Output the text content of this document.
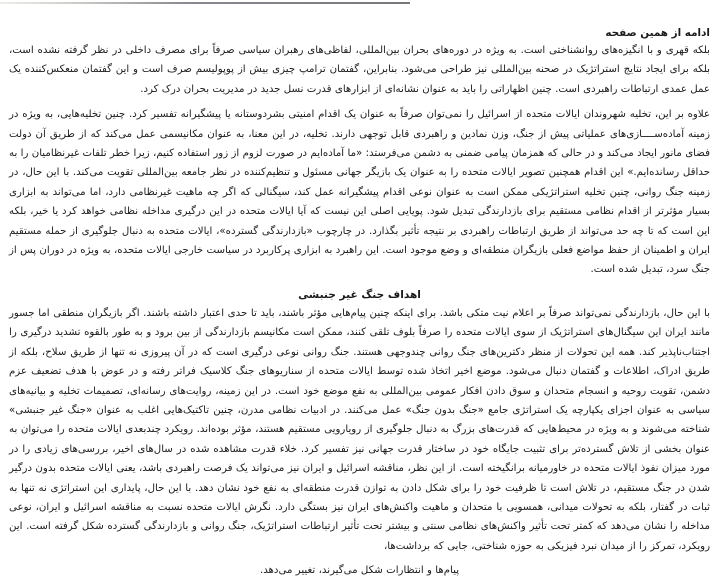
ادامه از همین صفحه

بلکه قهری و با انگیزه‌های روانشناختی است. به ویژه در دوره‌های بحران بین‌المللی، لفاظی‌های رهبران سیاسی صرفاً برای مصرف داخلی در نظر گرفته نشده است، بلکه برای ایجاد نتایج استراتژیک در صحنه بین‌المللی نیز طراحی می‌شود. بنابراین، گفتمان ترامپ چیزی بیش از پوپولیسم صرف است و این گفتمان منعکس‌کننده یک عمل عمدی ارتباطات راهبردی است. چنین اظهاراتی را باید به عنوان نشانه‌ای از ابزارهای قدرت نسل جدید در مدیریت بحران درک کرد.

علاوه بر این، تخلیه شهروندان ایالات متحده از اسرائیل را نمی‌توان صرفاً به عنوان یک اقدام امنیتی بشردوستانه یا پیشگیرانه تفسیر کرد. چنین تخلیه‌هایی، به ویژه در زمینه آماده‌ســــازی‌های عملیاتی پیش از جنگ، وزن نمادین و راهبردی قابل توجهی دارند. تخلیه، در این معنا، به عنوان مکانیسمی عمل می‌کند که از طریق آن دولت فضای مانور ایجاد می‌کند و در حالی که همزمان پیامی ضمنی به دشمن می‌فرستد: «ما آماده‌ایم در صورت لزوم از زور استفاده کنیم، زیرا خطر تلفات غیرنظامیان را به حداقل رسانده‌ایم.» این اقدام همچنین تصویر ایالات متحده را به عنوان یک بازیگر جهانی مسئول و تنظیم‌کننده در نظر جامعه بین‌المللی تقویت می‌کند. با این حال، در زمینه جنگ روانی، چنین تخلیه استراتژیکی ممکن است به عنوان نوعی اقدام پیشگیرانه عمل کند، سیگنالی که اگر چه ماهیت غیرنظامی دارد، اما می‌تواند به ابزاری بسیار مؤثرتر از اقدام نظامی مستقیم برای بازدارندگی تبدیل شود. پویایی اصلی این نیست که آیا ایالات متحده در این درگیری مداخله نظامی خواهد کرد یا خیر، بلکه این است که تا چه حد می‌تواند از طریق ارتباطات راهبردی بر نتیجه تأثیر بگذارد. در چارچوب «بازدارندگی گسترده»، ایالات متحده به دنبال جلوگیری از حمله مستقیم ایران و اطمینان از حفظ مواضع فعلی بازیگران منطقه‌ای و وضع موجود است. این راهبرد به ابزاری پرکاربرد در سیاست خارجی ایالات متحده، به ویژه در دوران پس از جنگ سرد، تبدیل شده است.

اهداف جنگ غیر جنبشی

با این حال، بازدارندگی نمی‌تواند صرفاً بر اعلام نیت متکی باشد. برای اینکه چنین پیام‌هایی مؤثر باشند، باید تا حدی اعتبار داشته باشند. اگر بازیگران منطقی اما جسور مانند ایران این سیگنال‌های استراتژیک از سوی ایالات متحده را صرفاً بلوف تلقی کنند، ممکن است مکانیسم بازدارندگی از بین برود و به طور بالقوه تشدید درگیری را اجتناب‌ناپذیر کند. همه این تحولات از منظر دکترین‌های جنگ روانی چندوجهی هستند. جنگ روانی نوعی درگیری است که در آن پیروزی نه تنها از طریق سلاح، بلکه از طریق ادراک، اطلاعات و گفتمان دنبال می‌شود. موضع اخیر اتخاذ شده توسط ایالات متحده از سناریوهای جنگ کلاسیک فراتر رفته و در عوض با هدف تضعیف عزم دشمن، تقویت روحیه و انسجام متحدان و سوق دادن افکار عمومی بین‌المللی به نفع موضع خود است. در این زمینه، روایت‌های رسانه‌ای، تصمیمات تخلیه و بیانیه‌های سیاسی به عنوان اجزای یکپارچه یک استراتژی جامع «جنگ بدون جنگ» عمل می‌کنند. در ادبیات نظامی مدرن، چنین تاکتیک‌هایی اغلب به عنوان «جنگ غیر جنبشی» شناخته می‌شوند و به ویژه در محیط‌هایی که قدرت‌های بزرگ به دنبال جلوگیری از رویارویی مستقیم هستند، مؤثر بوده‌اند. رویکرد چندبعدی ایالات متحده را می‌توان به عنوان بخشی از تلاش گسترده‌تر برای تثبیت جایگاه خود در ساختار قدرت جهانی نیز تفسیر کرد. خلاء قدرت مشاهده شده در سال‌های اخیر، بررسی‌های زیادی را در مورد میزان نفوذ ایالات متحده در خاورمیانه برانگیخته است. از این نظر، مناقشه اسرائیل و ایران نیز می‌تواند یک فرصت راهبردی باشد، یعنی ایالات متحده بدون درگیر شدن در جنگ مستقیم، در تلاش است تا ظرفیت خود را برای شکل دادن به توازن قدرت منطقه‌ای به نفع خود نشان دهد. با این حال، پایداری این استراتژی نه تنها به ثبات در گفتار، بلکه به تحولات میدانی، همسویی با متحدان و ماهیت واکنش‌های ایران نیز بستگی دارد. نگرش ایالات متحده نسبت به مناقشه اسرائیل و ایران، نوعی مداخله را نشان می‌دهد که کمتر تحت تأثیر واکنش‌های نظامی سنتی و بیشتر تحت تأثیر ارتباطات استراتژیک، جنگ روانی و بازدارندگی گسترده شکل گرفته است. این رویکرد، تمرکز را از میدان نبرد فیزیکی به حوزه شناختی، جایی که برداشت‌ها،

پیام‌ها و انتظارات شکل می‌گیرند، تغییر می‌دهد.
